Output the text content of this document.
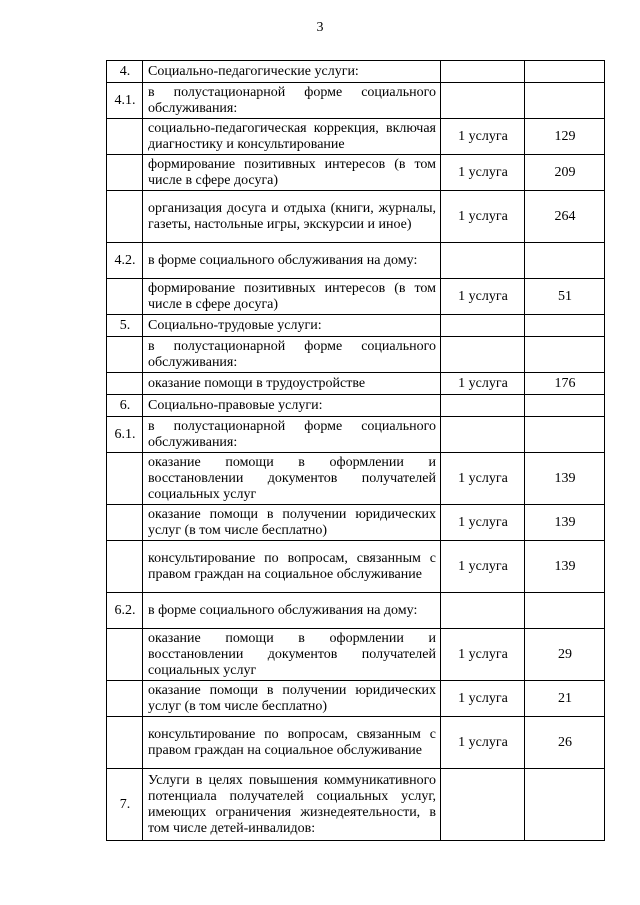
3
4.	Социально-педагогические услуги:		
4.1.	в полустационарной форме социального обслуживания:		
	социально-педагогическая коррекция, включая диагностику и консультирование	1 услуга	129
	формирование позитивных интересов (в том числе в сфере досуга)	1 услуга	209
	организация досуга и отдыха (книги, журналы, газеты, настольные игры, экскурсии и иное)	1 услуга	264
4.2.	в форме социального обслуживания на дому:		
	формирование позитивных интересов (в том числе в сфере досуга)	1 услуга	51
5.	Социально-трудовые услуги:		
	в полустационарной форме социального обслуживания:		
	оказание помощи в трудоустройстве	1 услуга	176
6.	Социально-правовые услуги:		
6.1.	в полустационарной форме социального обслуживания:		
	оказание помощи в оформлении и восстановлении документов получателей социальных услуг	1 услуга	139
	оказание помощи в получении юридических услуг (в том числе бесплатно)	1 услуга	139
	консультирование по вопросам, связанным с правом граждан на социальное обслуживание	1 услуга	139
6.2.	в форме социального обслуживания на дому:		
	оказание помощи в оформлении и восстановлении документов получателей социальных услуг	1 услуга	29
	оказание помощи в получении юридических услуг (в том числе бесплатно)	1 услуга	21
	консультирование по вопросам, связанным с правом граждан на социальное обслуживание	1 услуга	26
7.	Услуги в целях повышения коммуникативного потенциала получателей социальных услуг, имеющих ограничения жизнедеятельности, в том числе детей-инвалидов:		
